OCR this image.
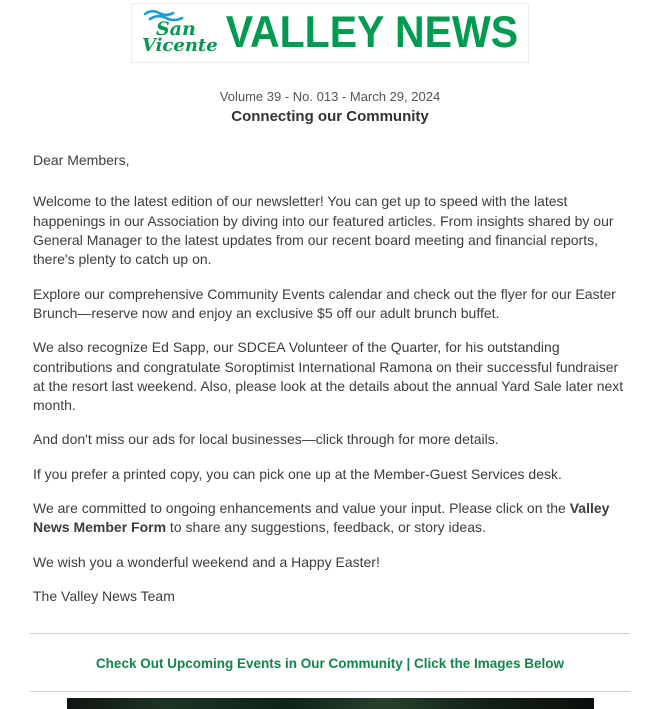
San
Vicente VALLEY NEWS
Volume 39 - No. 013 - March 29, 2024
Connecting our Community

Dear Members,

Welcome to the latest edition of our newsletter! You can get up to speed with the latest happenings in our Association by diving into our featured articles. From insights shared by our General Manager to the latest updates from our recent board meeting and financial reports, there's plenty to catch up on.

Explore our comprehensive Community Events calendar and check out the flyer for our Easter Brunch—reserve now and enjoy an exclusive $5 off our adult brunch buffet.

We also recognize Ed Sapp, our SDCEA Volunteer of the Quarter, for his outstanding contributions and congratulate Soroptimist International Ramona on their successful fundraiser at the resort last weekend. Also, please look at the details about the annual Yard Sale later next month.

And don't miss our ads for local businesses—click through for more details.

If you prefer a printed copy, you can pick one up at the Member-Guest Services desk.

We are committed to ongoing enhancements and value your input. Please click on the Valley News Member Form to share any suggestions, feedback, or story ideas.

We wish you a wonderful weekend and a Happy Easter!

The Valley News Team

Check Out Upcoming Events in Our Community | Click the Images Below
